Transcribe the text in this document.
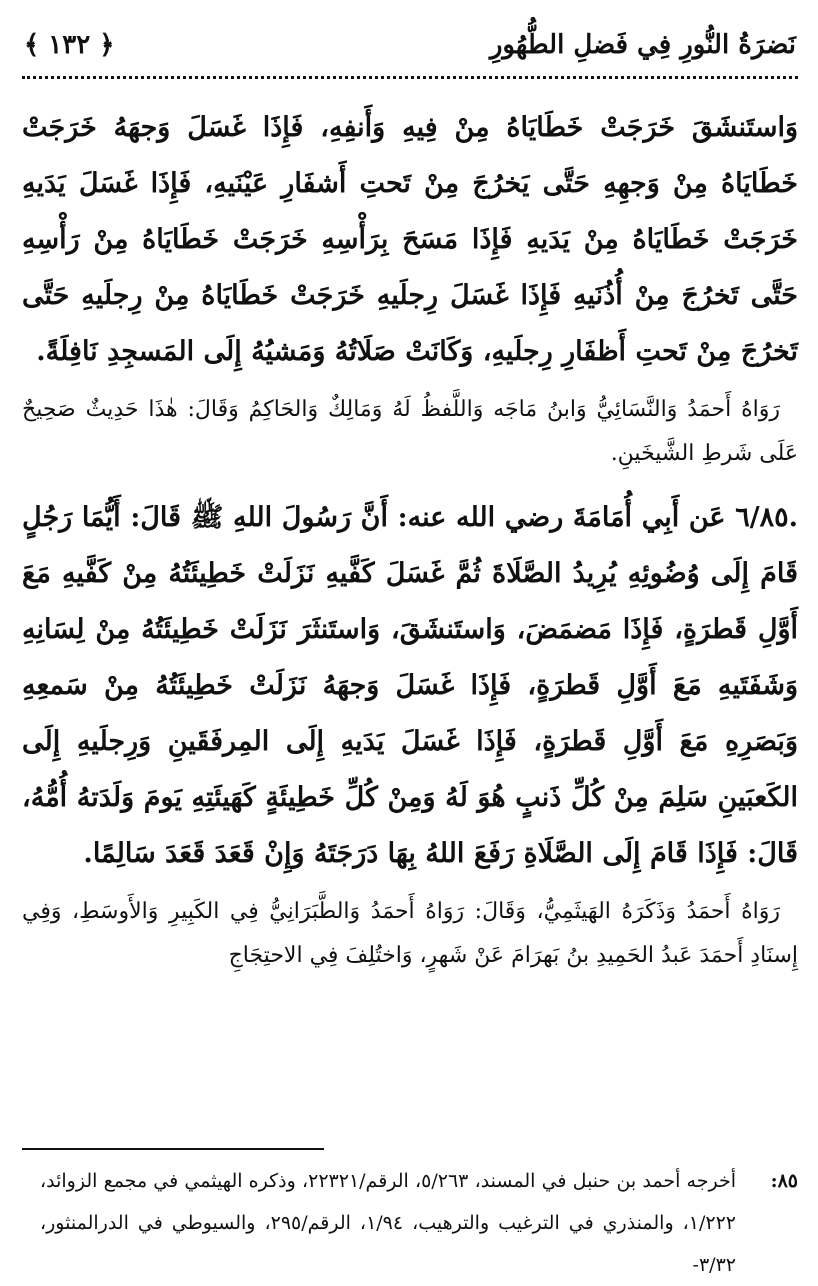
نَضرَةُ النُّورِ فِي فَضلِ الطُّهُورِ
﴾ ١٣٢ ﴿

وَاستَنشَقَ خَرَجَتْ خَطَايَاهُ مِنْ فِيهِ وَأَنفِهِ، فَإِذَا غَسَلَ وَجهَهُ خَرَجَتْ خَطَايَاهُ مِنْ وَجهِهِ حَتَّى يَخرُجَ مِنْ تَحتِ أَشفَارِ عَيْنَيهِ، فَإِذَا غَسَلَ يَدَيهِ خَرَجَتْ خَطَايَاهُ مِنْ يَدَيهِ فَإِذَا مَسَحَ بِرَأْسِهِ خَرَجَتْ خَطَايَاهُ مِنْ رَأْسِهِ حَتَّى تَخرُجَ مِنْ أُذُنَيهِ فَإِذَا غَسَلَ رِجلَيهِ خَرَجَتْ خَطَايَاهُ مِنْ رِجلَيهِ حَتَّى تَخرُجَ مِنْ تَحتِ أَظفَارِ رِجلَيهِ، وَكَانَتْ صَلَاتُهُ وَمَشيُهُ إِلَى المَسجِدِ نَافِلَةً.

رَوَاهُ أَحمَدُ وَالنَّسَائِيُّ وَابنُ مَاجَه وَاللَّفظُ لَهُ وَمَالِكٌ وَالحَاكِمُ وَقَالَ: هٰذَا حَدِيثٌ صَحِيحٌ عَلَى شَرطِ الشَّيخَينِ.

٦/٨٥. عَن أَبِي أُمَامَةَ رضي الله عنه: أَنَّ رَسُولَ اللهِ ﷺ قَالَ: أَيُّمَا رَجُلٍ قَامَ إِلَى وُضُوئِهِ يُرِيدُ الصَّلَاةَ ثُمَّ غَسَلَ كَفَّيهِ نَزَلَتْ خَطِيئَتُهُ مِنْ كَفَّيهِ مَعَ أَوَّلِ قَطرَةٍ، فَإِذَا مَضمَضَ، وَاستَنشَقَ، وَاستَنثَرَ نَزَلَتْ خَطِيئَتُهُ مِنْ لِسَانِهِ وَشَفَتَيهِ مَعَ أَوَّلِ قَطرَةٍ، فَإِذَا غَسَلَ وَجهَهُ نَزَلَتْ خَطِيئَتُهُ مِنْ سَمعِهِ وَبَصَرِهِ مَعَ أَوَّلِ قَطرَةٍ، فَإِذَا غَسَلَ يَدَيهِ إِلَى المِرفَقَينِ وَرِجلَيهِ إِلَى الكَعبَينِ سَلِمَ مِنْ كُلِّ ذَنبٍ هُوَ لَهُ وَمِنْ كُلِّ خَطِيئَةٍ كَهَيئَتِهِ يَومَ وَلَدَتهُ أُمُّهُ، قَالَ: فَإِذَا قَامَ إِلَى الصَّلَاةِ رَفَعَ اللهُ بِهَا دَرَجَتَهُ وَإِنْ قَعَدَ قَعَدَ سَالِمًا.

رَوَاهُ أَحمَدُ وَذَكَرَهُ الهَيثَمِيُّ، وَقَالَ: رَوَاهُ أَحمَدُ وَالطَّبَرَانِيُّ فِي الكَبِيرِ وَالأَوسَطِ، وَفِي إِسنَادِ أَحمَدَ عَبدُ الحَمِيدِ بنُ بَهرَامَ عَنْ شَهرٍ، وَاختُلِفَ فِي الاحتِجَاجِ

٨٥:
أخرجه أحمد بن حنبل في المسند، ٥/٢٦٣، الرقم/٢٢٣٢١، وذكره الهيثمي في مجمع الزوائد، ١/٢٢٢، والمنذري في الترغيب والترهيب، ١/٩٤، الرقم/٢٩٥، والسيوطي في الدرالمنثور، ٣/٣٢-
